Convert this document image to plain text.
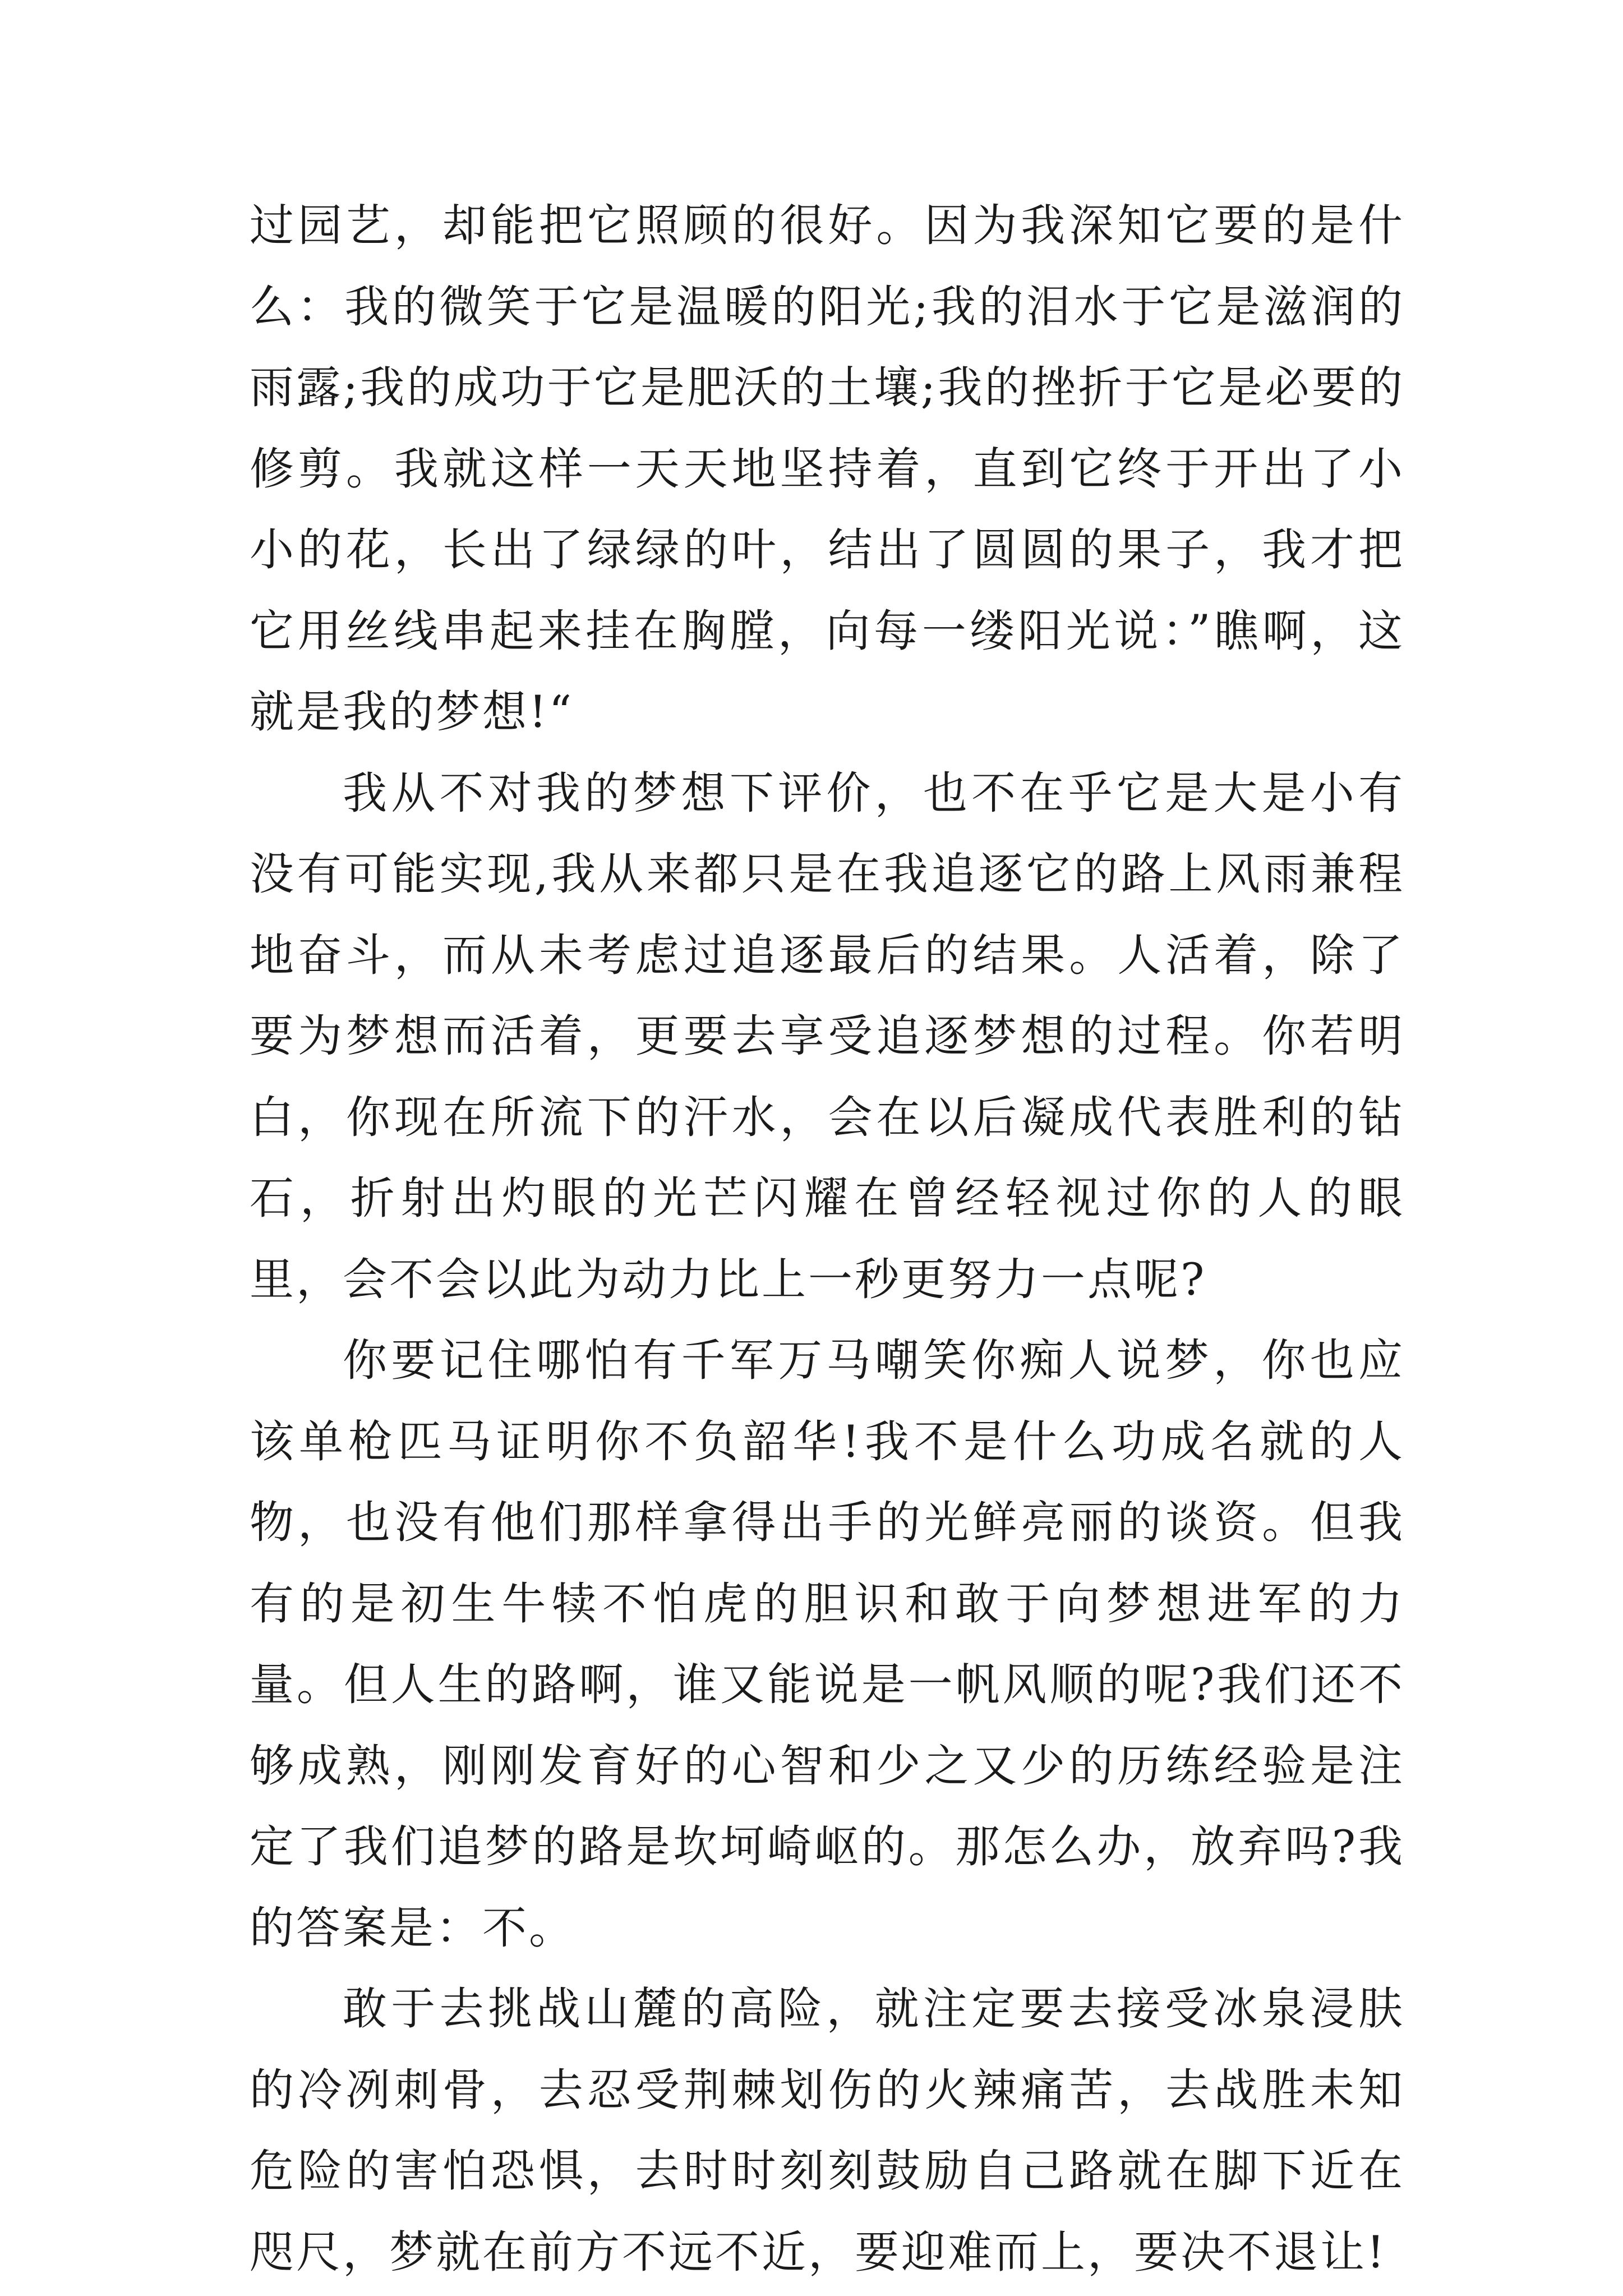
过园艺，却能把它照顾的很好。因为我深知它要的是什么：我的微笑于它是温暖的阳光;我的泪水于它是滋润的雨露;我的成功于它是肥沃的土壤;我的挫折于它是必要的修剪。我就这样一天天地坚持着，直到它终于开出了小小的花，长出了绿绿的叶，结出了圆圆的果子，我才把它用丝线串起来挂在胸膛，向每一缕阳光说：”瞧啊，这就是我的梦想!“

我从不对我的梦想下评价，也不在乎它是大是小有没有可能实现,我从来都只是在我追逐它的路上风雨兼程地奋斗，而从未考虑过追逐最后的结果。人活着，除了要为梦想而活着，更要去享受追逐梦想的过程。你若明白，你现在所流下的汗水，会在以后凝成代表胜利的钻石，折射出灼眼的光芒闪耀在曾经轻视过你的人的眼里，会不会以此为动力比上一秒更努力一点呢?

你要记住哪怕有千军万马嘲笑你痴人说梦，你也应该单枪匹马证明你不负韶华!我不是什么功成名就的人物，也没有他们那样拿得出手的光鲜亮丽的谈资。但我有的是初生牛犊不怕虎的胆识和敢于向梦想进军的力量。但人生的路啊，谁又能说是一帆风顺的呢?我们还不够成熟，刚刚发育好的心智和少之又少的历练经验是注定了我们追梦的路是坎坷崎岖的。那怎么办，放弃吗?我的答案是：不。

敢于去挑战山麓的高险，就注定要去接受冰泉浸肤的冷冽刺骨，去忍受荆棘划伤的火辣痛苦，去战胜未知危险的害怕恐惧，去时时刻刻鼓励自己路就在脚下近在咫尺，梦就在前方不远不近，要迎难而上，要决不退让!
